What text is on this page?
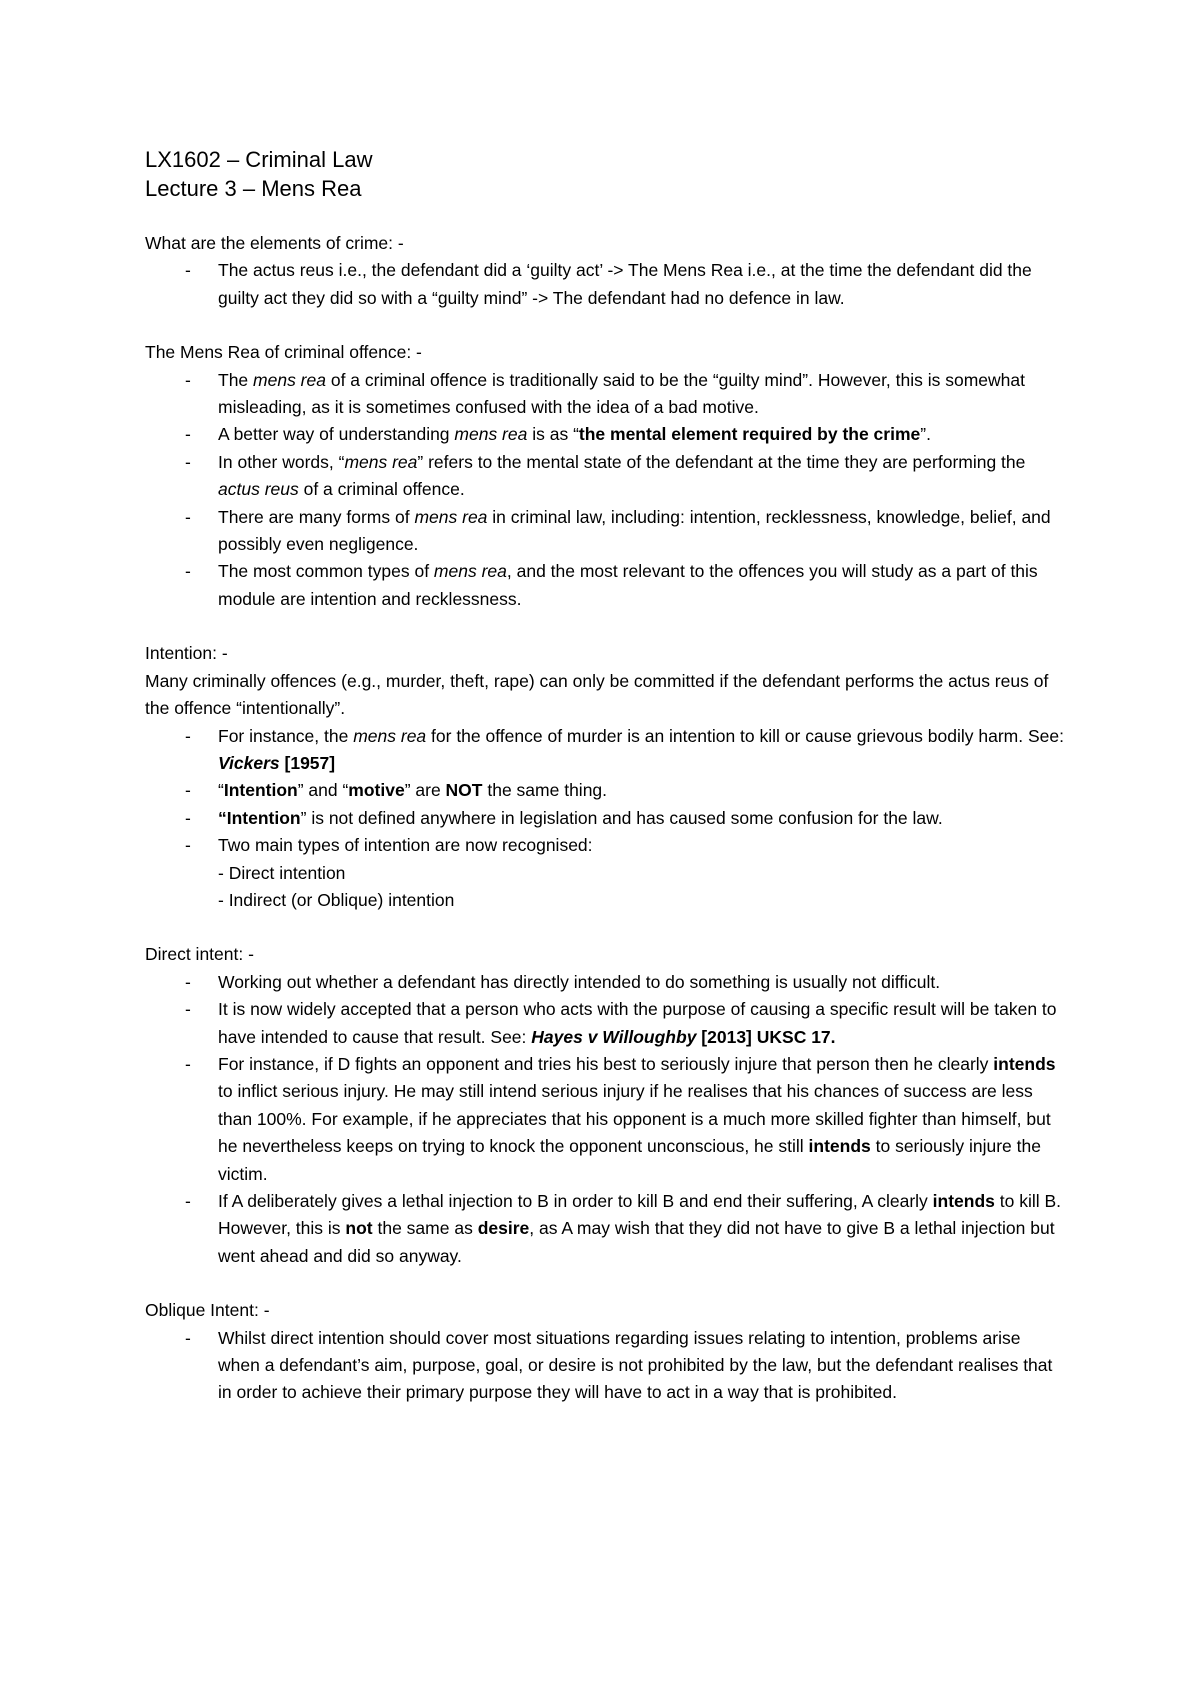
LX1602 – Criminal Law
Lecture 3 – Mens Rea
What are the elements of crime: -
- The actus reus i.e., the defendant did a ‘guilty act’ -> The Mens Rea i.e., at the time the defendant did the guilty act they did so with a “guilty mind” -> The defendant had no defence in law.
The Mens Rea of criminal offence: -
- The mens rea of a criminal offence is traditionally said to be the “guilty mind”. However, this is somewhat misleading, as it is sometimes confused with the idea of a bad motive.
- A better way of understanding mens rea is as “the mental element required by the crime”.
- In other words, “mens rea” refers to the mental state of the defendant at the time they are performing the actus reus of a criminal offence.
- There are many forms of mens rea in criminal law, including: intention, recklessness, knowledge, belief, and possibly even negligence.
- The most common types of mens rea, and the most relevant to the offences you will study as a part of this module are intention and recklessness.
Intention: -
Many criminally offences (e.g., murder, theft, rape) can only be committed if the defendant performs the actus reus of the offence “intentionally”.
- For instance, the mens rea for the offence of murder is an intention to kill or cause grievous bodily harm. See: Vickers [1957]
- “Intention” and “motive” are NOT the same thing.
- “Intention” is not defined anywhere in legislation and has caused some confusion for the law.
- Two main types of intention are now recognised:
- Direct intention
- Indirect (or Oblique) intention
Direct intent: -
- Working out whether a defendant has directly intended to do something is usually not difficult.
- It is now widely accepted that a person who acts with the purpose of causing a specific result will be taken to have intended to cause that result. See: Hayes v Willoughby [2013] UKSC 17.
- For instance, if D fights an opponent and tries his best to seriously injure that person then he clearly intends to inflict serious injury. He may still intend serious injury if he realises that his chances of success are less than 100%. For example, if he appreciates that his opponent is a much more skilled fighter than himself, but he nevertheless keeps on trying to knock the opponent unconscious, he still intends to seriously injure the victim.
- If A deliberately gives a lethal injection to B in order to kill B and end their suffering, A clearly intends to kill B. However, this is not the same as desire, as A may wish that they did not have to give B a lethal injection but went ahead and did so anyway.
Oblique Intent: -
- Whilst direct intention should cover most situations regarding issues relating to intention, problems arise when a defendant’s aim, purpose, goal, or desire is not prohibited by the law, but the defendant realises that in order to achieve their primary purpose they will have to act in a way that is prohibited.
